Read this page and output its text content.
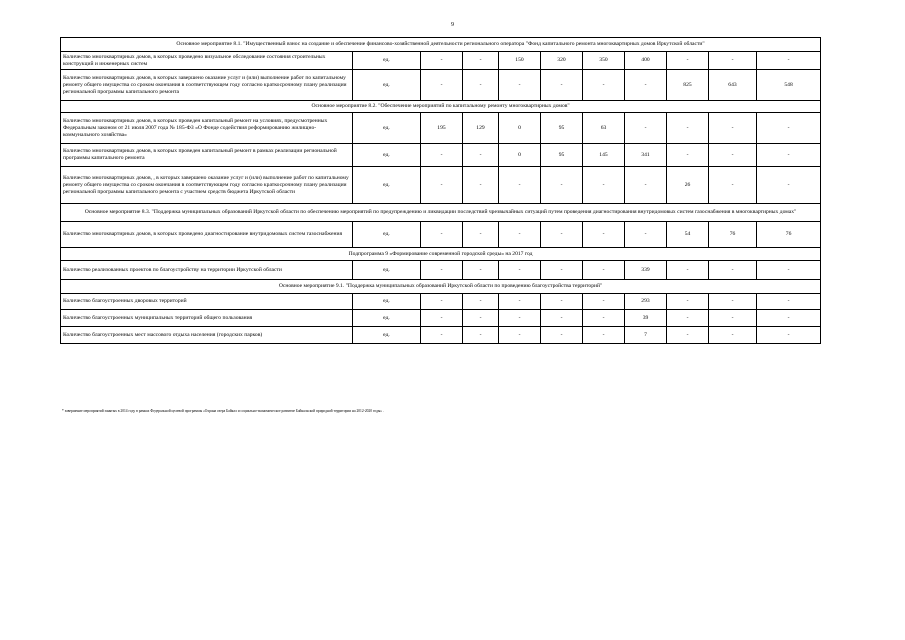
9
Основное мероприятие 8.1. "Имущественный взнос на создание и обеспечение финансово-хозяйственной деятельности регионального оператора "Фонд капитального ремонта многоквартирных домов Иркутской области"										
Количество многоквартирных домов, в которых проведено визуальное обследование состояния строительных конструкций и инженерных систем	ед.	-	-	150	320	350	400	-	-	-
Количество многоквартирных домов, в которых завершено оказание услуг и (или) выполнение работ по капитальному ремонту общего имущества со сроком окончания в соответствующем году согласно краткосрочному плану реализации региональной программы капитального ремонта	ед.	-	-	-	-	-	-	825	643	548
Основное мероприятие 8.2. "Обеспечение мероприятий по капитальному ремонту многоквартирных домов"										
Количество многоквартирных домов, в которых проведен капитальный ремонт на условиях, предусмотренных Федеральным законом от 21 июля 2007 года № 185-ФЗ «О Фонде содействия реформированию жилищно-коммунального хозяйства»	ед.	195	129	0	95	63	-	-	-	-
Количество многоквартирных домов, в которых проведен капитальный ремонт в рамках реализации региональной программы капитального ремонта	ед.	-	-	0	95	145	341	-	-	-
Количество многоквартирных домов, , в которых завершено оказание услуг и (или) выполнение работ по капитальному ремонту общего имущества со сроком окончания в соответствующем году согласно краткосрочному плану реализации региональной программы капитального ремонта с участием средств бюджета Иркутской области	ед.	-	-	-	-	-	-	26	-	-
Основное мероприятие 8.3. "Поддержка муниципальных образований Иркутской области по обеспечению мероприятий по предупреждению и ликвидации последствий чрезвычайных ситуаций путем проведения диагностирования внутридомовых систем газоснабжения в многоквартирных домах"										
Количество многоквартирных домов, в которых проведено диагностирование внутридомовых систем газоснабжения	ед.	-	-	-	-	-	-	54	76	76
Подпрограмма 9 «Формирование современной городской среды» на 2017 год										
Количество реализованных проектов по благоустройству на территории Иркутской области	ед.	-	-	-	-	-	339	-	-	-
Основное мероприятие 9.1. "Поддержка муниципальных образований Иркутской области по проведению благоустройства территорий"										
Количество благоустроенных дворовых территорий	ед.	-	-	-	-	-	293	-	-	-
Количество благоустроенных муниципальных территорий общего пользования	ед.	-	-	-	-	-	39	-	-	-
Количество благоустроенных мест массового отдыха населения (городских парков)	ед.	-	-	-	-	-	7	-	-	-
* завершение мероприятий занятых в 2014 году в рамках Федеральной целевой программы «Охрана озера Байкал и социально-экономическое развитие Байкальской природной территории на 2012-2020 годы» .
